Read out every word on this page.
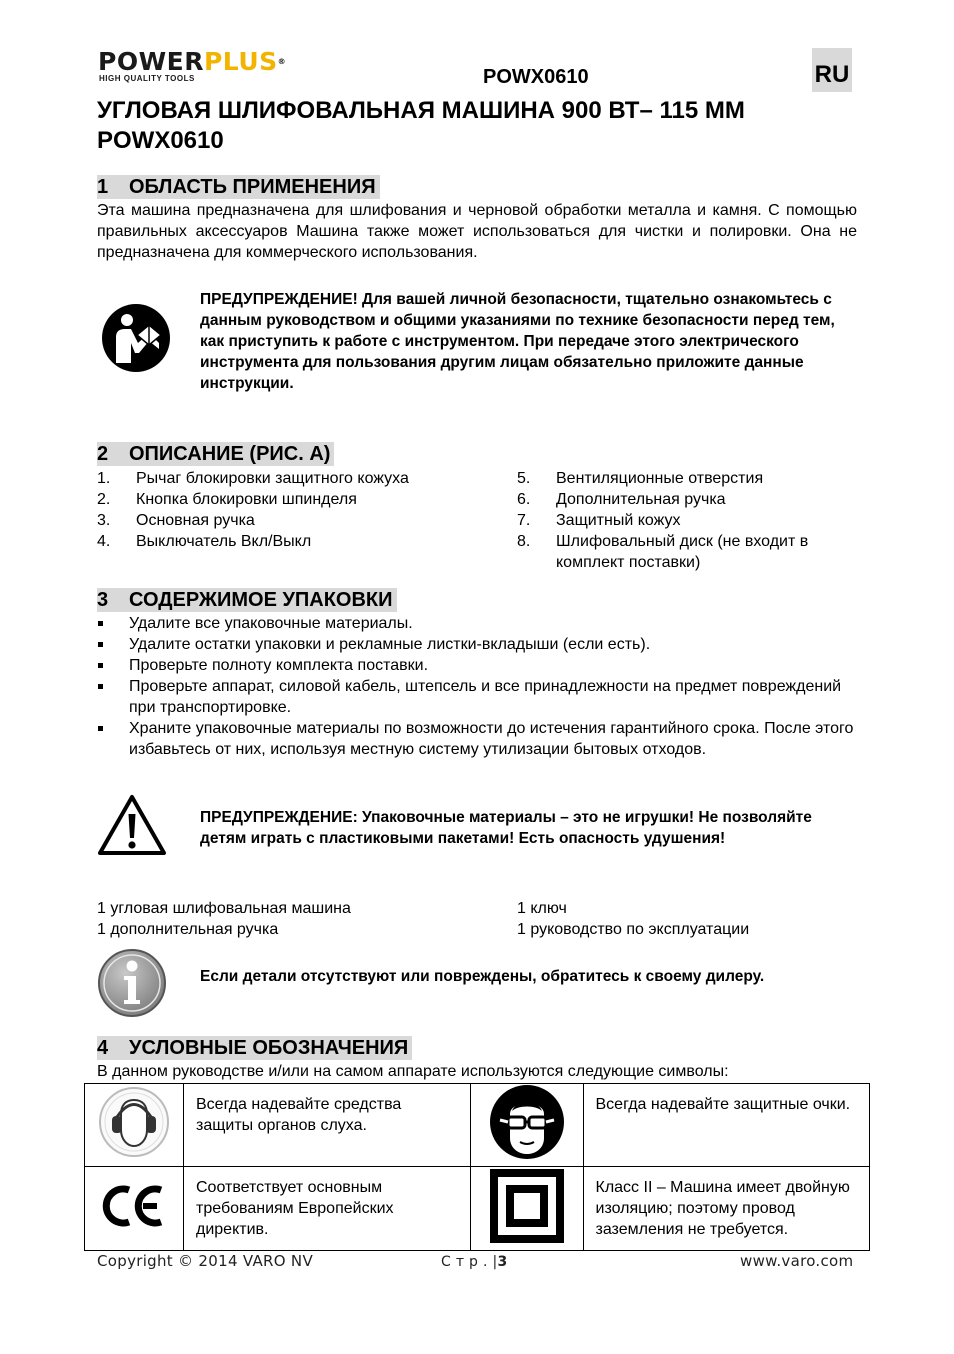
POWERPLUS®
HIGH QUALITY TOOLS	POWX0610	RU
УГЛОВАЯ ШЛИФОВАЛЬНАЯ МАШИНА 900 ВТ– 115 ММ
POWX0610
1 ОБЛАСТЬ ПРИМЕНЕНИЯ
Эта машина предназначена для шлифования и черновой обработки металла и камня. С помощью правильных аксессуаров Машина также может использоваться для чистки и полировки. Она не предназначена для коммерческого использования.
ПРЕДУПРЕЖДЕНИЕ! Для вашей личной безопасности, тщательно ознакомьтесь с данным руководством и общими указаниями по технике безопасности перед тем, как приступить к работе с инструментом. При передаче этого электрического инструмента для пользования другим лицам обязательно приложите данные инструкции.
2 ОПИСАНИЕ (РИС. А)
1. Рычаг блокировки защитного кожуха
2. Кнопка блокировки шпинделя
3. Основная ручка
4. Выключатель Вкл/Выкл
5. Вентиляционные отверстия
6. Дополнительная ручка
7. Защитный кожух
8. Шлифовальный диск (не входит в комплект поставки)
3 СОДЕРЖИМОЕ УПАКОВКИ
Удалите все упаковочные материалы.
Удалите остатки упаковки и рекламные листки-вкладыши (если есть).
Проверьте полноту комплекта поставки.
Проверьте аппарат, силовой кабель, штепсель и все принадлежности на предмет повреждений при транспортировке.
Храните упаковочные материалы по возможности до истечения гарантийного срока. После этого избавьтесь от них, используя местную систему утилизации бытовых отходов.
ПРЕДУПРЕЖДЕНИЕ: Упаковочные материалы – это не игрушки! Не позволяйте детям играть с пластиковыми пакетами! Есть опасность удушения!
1 угловая шлифовальная машина
1 дополнительная ручка
1 ключ
1 руководство по эксплуатации
Если детали отсутствуют или повреждены, обратитесь к своему дилеру.
4 УСЛОВНЫЕ ОБОЗНАЧЕНИЯ
В данном руководстве и/или на самом аппарате используются следующие символы:
	Всегда надевайте средства защиты органов слуха.		Всегда надевайте защитные очки.
	Соответствует основным требованиям Европейских директив.		Класс II – Машина имеет двойную изоляцию; поэтому провод заземления не требуется.
Copyright © 2014 VARO NV	С т р . |3	www.varo.com
